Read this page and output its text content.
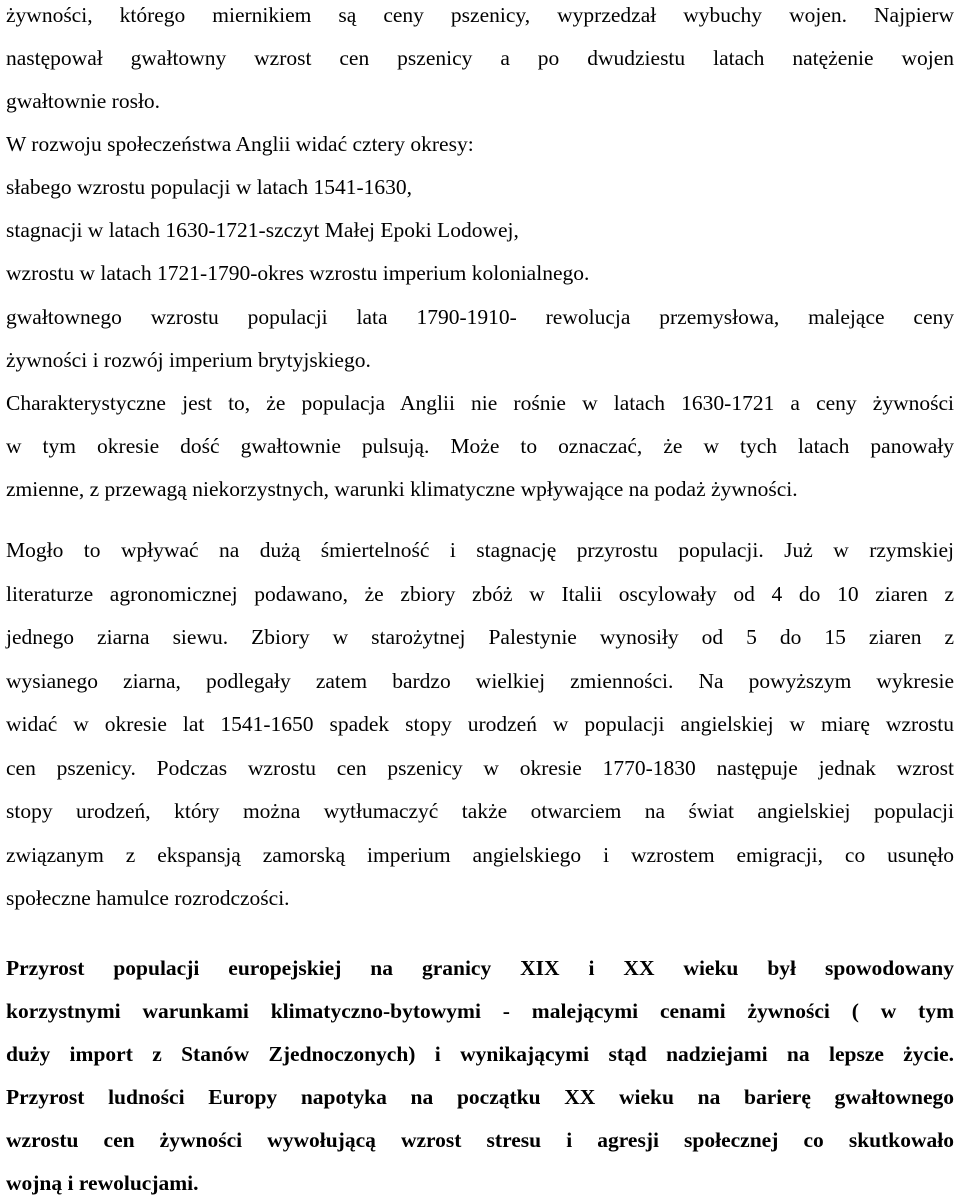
żywności, którego miernikiem są ceny pszenicy, wyprzedzał wybuchy wojen. Najpierw
następował gwałtowny wzrost cen pszenicy a po dwudziestu latach natężenie wojen
gwałtownie rosło.
W rozwoju społeczeństwa Anglii widać cztery okresy:
słabego wzrostu populacji w latach 1541-1630,
stagnacji w latach 1630-1721-szczyt Małej Epoki Lodowej,
wzrostu w latach 1721-1790-okres wzrostu imperium kolonialnego.
gwałtownego wzrostu populacji lata 1790-1910- rewolucja przemysłowa, malejące ceny
żywności i rozwój imperium brytyjskiego.
Charakterystyczne jest to, że populacja Anglii nie rośnie w latach 1630-1721 a ceny żywności
w tym okresie dość gwałtownie pulsują. Może to oznaczać, że w tych latach panowały
zmienne, z przewagą niekorzystnych, warunki klimatyczne wpływające na podaż żywności.
Mogło to wpływać na dużą śmiertelność i stagnację przyrostu populacji. Już w rzymskiej
literaturze agronomicznej podawano, że zbiory zbóż w Italii oscylowały od 4 do 10 ziaren z
jednego ziarna siewu. Zbiory w starożytnej Palestynie wynosiły od 5 do 15 ziaren z
wysianego ziarna, podlegały zatem bardzo wielkiej zmienności. Na powyższym wykresie
widać w okresie lat 1541-1650 spadek stopy urodzeń w populacji angielskiej w miarę wzrostu
cen pszenicy. Podczas wzrostu cen pszenicy w okresie 1770-1830 następuje jednak wzrost
stopy urodzeń, który można wytłumaczyć także otwarciem na świat angielskiej populacji
związanym z ekspansją zamorską imperium angielskiego i wzrostem emigracji, co usunęło
społeczne hamulce rozrodczości.
Przyrost populacji europejskiej na granicy XIX i XX wieku był spowodowany
korzystnymi warunkami klimatyczno-bytowymi - malejącymi cenami żywności ( w tym
duży import z Stanów Zjednoczonych) i wynikającymi stąd nadziejami na lepsze życie.
Przyrost ludności Europy napotyka na początku XX wieku na barierę gwałtownego
wzrostu cen żywności wywołującą wzrost stresu i agresji społecznej co skutkowało
wojną i rewolucjami.
